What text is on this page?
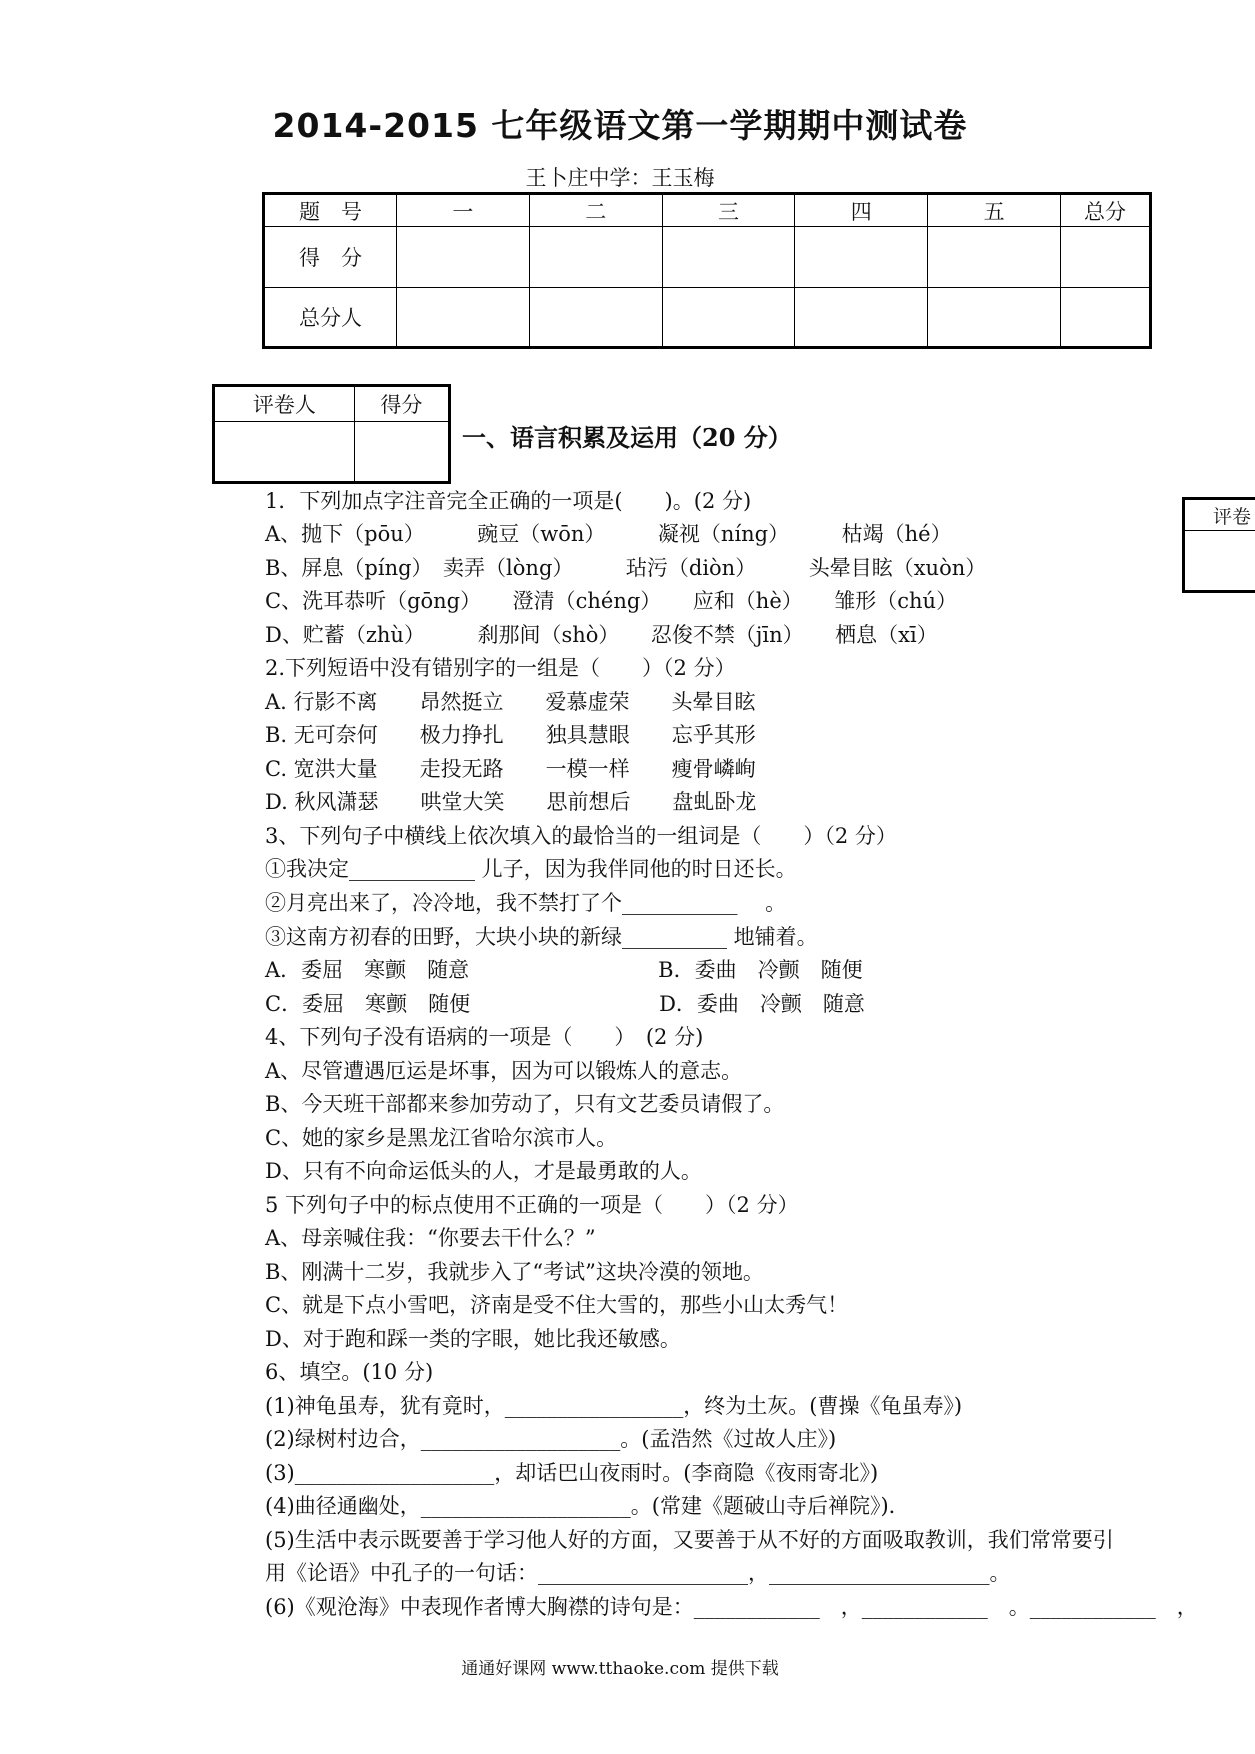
2014-2015 七年级语文第一学期期中测试卷
王卜庄中学：王玉梅
题　号	一	二	三	四	五	总分
得　分						
总分人						
评卷人	得分

一、语言积累及运用（20 分）
评卷
1．下列加点字注音完全正确的一项是(　　)。(2 分)
A、抛下（pōu）　　　豌豆（wōn）　　　凝视（níng）　　　枯竭（hé）
B、屏息（píng）　卖弄（lòng）　　　玷污（diòn）　　　头晕目眩（xuòn）
C、洗耳恭听（gōng）　　澄清（chéng）　　应和（hè）　　雏形（chú）
D、贮蓄（zhù）　　　刹那间（shò）　　忍俊不禁（jīn）　　栖息（xī）
2.下列短语中没有错别字的一组是（　　）（2 分）
A. 行影不离　　昂然挺立　　爱慕虚荣　　头晕目眩
B. 无可奈何　　极力挣扎　　独具慧眼　　忘乎其形
C. 宽洪大量　　走投无路　　一模一样　　瘦骨嶙峋
D. 秋风潇瑟　　哄堂大笑　　思前想后　　盘虬卧龙
3、下列句子中横线上依次填入的最恰当的一组词是（　　）（2 分）
①我决定____________ 儿子，因为我伴同他的时日还长。
②月亮出来了，冷冷地，我不禁打了个___________ 　。
③这南方初春的田野，大块小块的新绿__________ 地铺着。
A．委屈　寒颤　随意　　　　　　　　　B．委曲　冷颤　随便
C．委屈　寒颤　随便　　　　　　　　　D．委曲　冷颤　随意
4、下列句子没有语病的一项是（　　）　(2 分)
A、尽管遭遇厄运是坏事，因为可以锻炼人的意志。
B、今天班干部都来参加劳动了，只有文艺委员请假了。
C、她的家乡是黑龙江省哈尔滨市人。
D、只有不向命运低头的人，才是最勇敢的人。
5 下列句子中的标点使用不正确的一项是（　　）（2 分）
A、母亲喊住我：“你要去干什么？”
B、刚满十二岁，我就步入了“考试”这块冷漠的领地。
C、就是下点小雪吧，济南是受不住大雪的，那些小山太秀气！
D、对于跑和踩一类的字眼，她比我还敏感。
6、填空。(10 分)
(1)神龟虽寿，犹有竟时，_________________，终为土灰。(曹操《龟虽寿》)
(2)绿树村边合，___________________。(孟浩然《过故人庄》)
(3)___________________，却话巴山夜雨时。(李商隐《夜雨寄北》)
(4)曲径通幽处，____________________。(常建《题破山寺后禅院》)．
(5)生活中表示既要善于学习他人好的方面，又要善于从不好的方面吸取教训，我们常常要引
用《论语》中孔子的一句话：____________________，_____________________。
(6)《观沧海》中表现作者博大胸襟的诗句是：____________　，____________　。____________　，
通通好课网 www.tthaoke.com 提供下载
